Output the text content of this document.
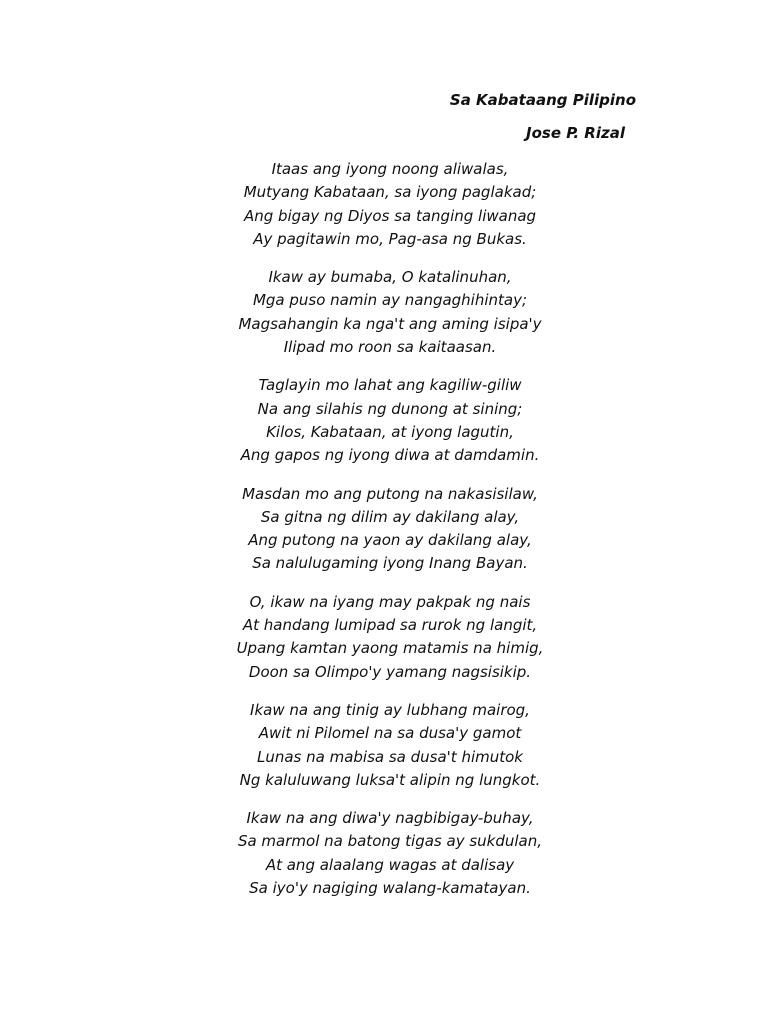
Sa Kabataang Pilipino
Jose P. Rizal
Itaas ang iyong noong aliwalas,
Mutyang Kabataan, sa iyong paglakad;
Ang bigay ng Diyos sa tanging liwanag
Ay pagitawin mo, Pag-asa ng Bukas.
Ikaw ay bumaba, O katalinuhan,
Mga puso namin ay nangaghihintay;
Magsahangin ka nga't ang aming isipa'y
Ilipad mo roon sa kaitaasan.
Taglayin mo lahat ang kagiliw-giliw
Na ang silahis ng dunong at sining;
Kilos, Kabataan, at iyong lagutin,
Ang gapos ng iyong diwa at damdamin.
Masdan mo ang putong na nakasisilaw,
Sa gitna ng dilim ay dakilang alay,
Ang putong na yaon ay dakilang alay,
Sa nalulugaming iyong Inang Bayan.
O, ikaw na iyang may pakpak ng nais
At handang lumipad sa rurok ng langit,
Upang kamtan yaong matamis na himig,
Doon sa Olimpo'y yamang nagsisikip.
Ikaw na ang tinig ay lubhang mairog,
Awit ni Pilomel na sa dusa'y gamot
Lunas na mabisa sa dusa't himutok
Ng kaluluwang luksa't alipin ng lungkot.
Ikaw na ang diwa'y nagbibigay-buhay,
Sa marmol na batong tigas ay sukdulan,
At ang alaalang wagas at dalisay
Sa iyo'y nagiging walang-kamatayan.
